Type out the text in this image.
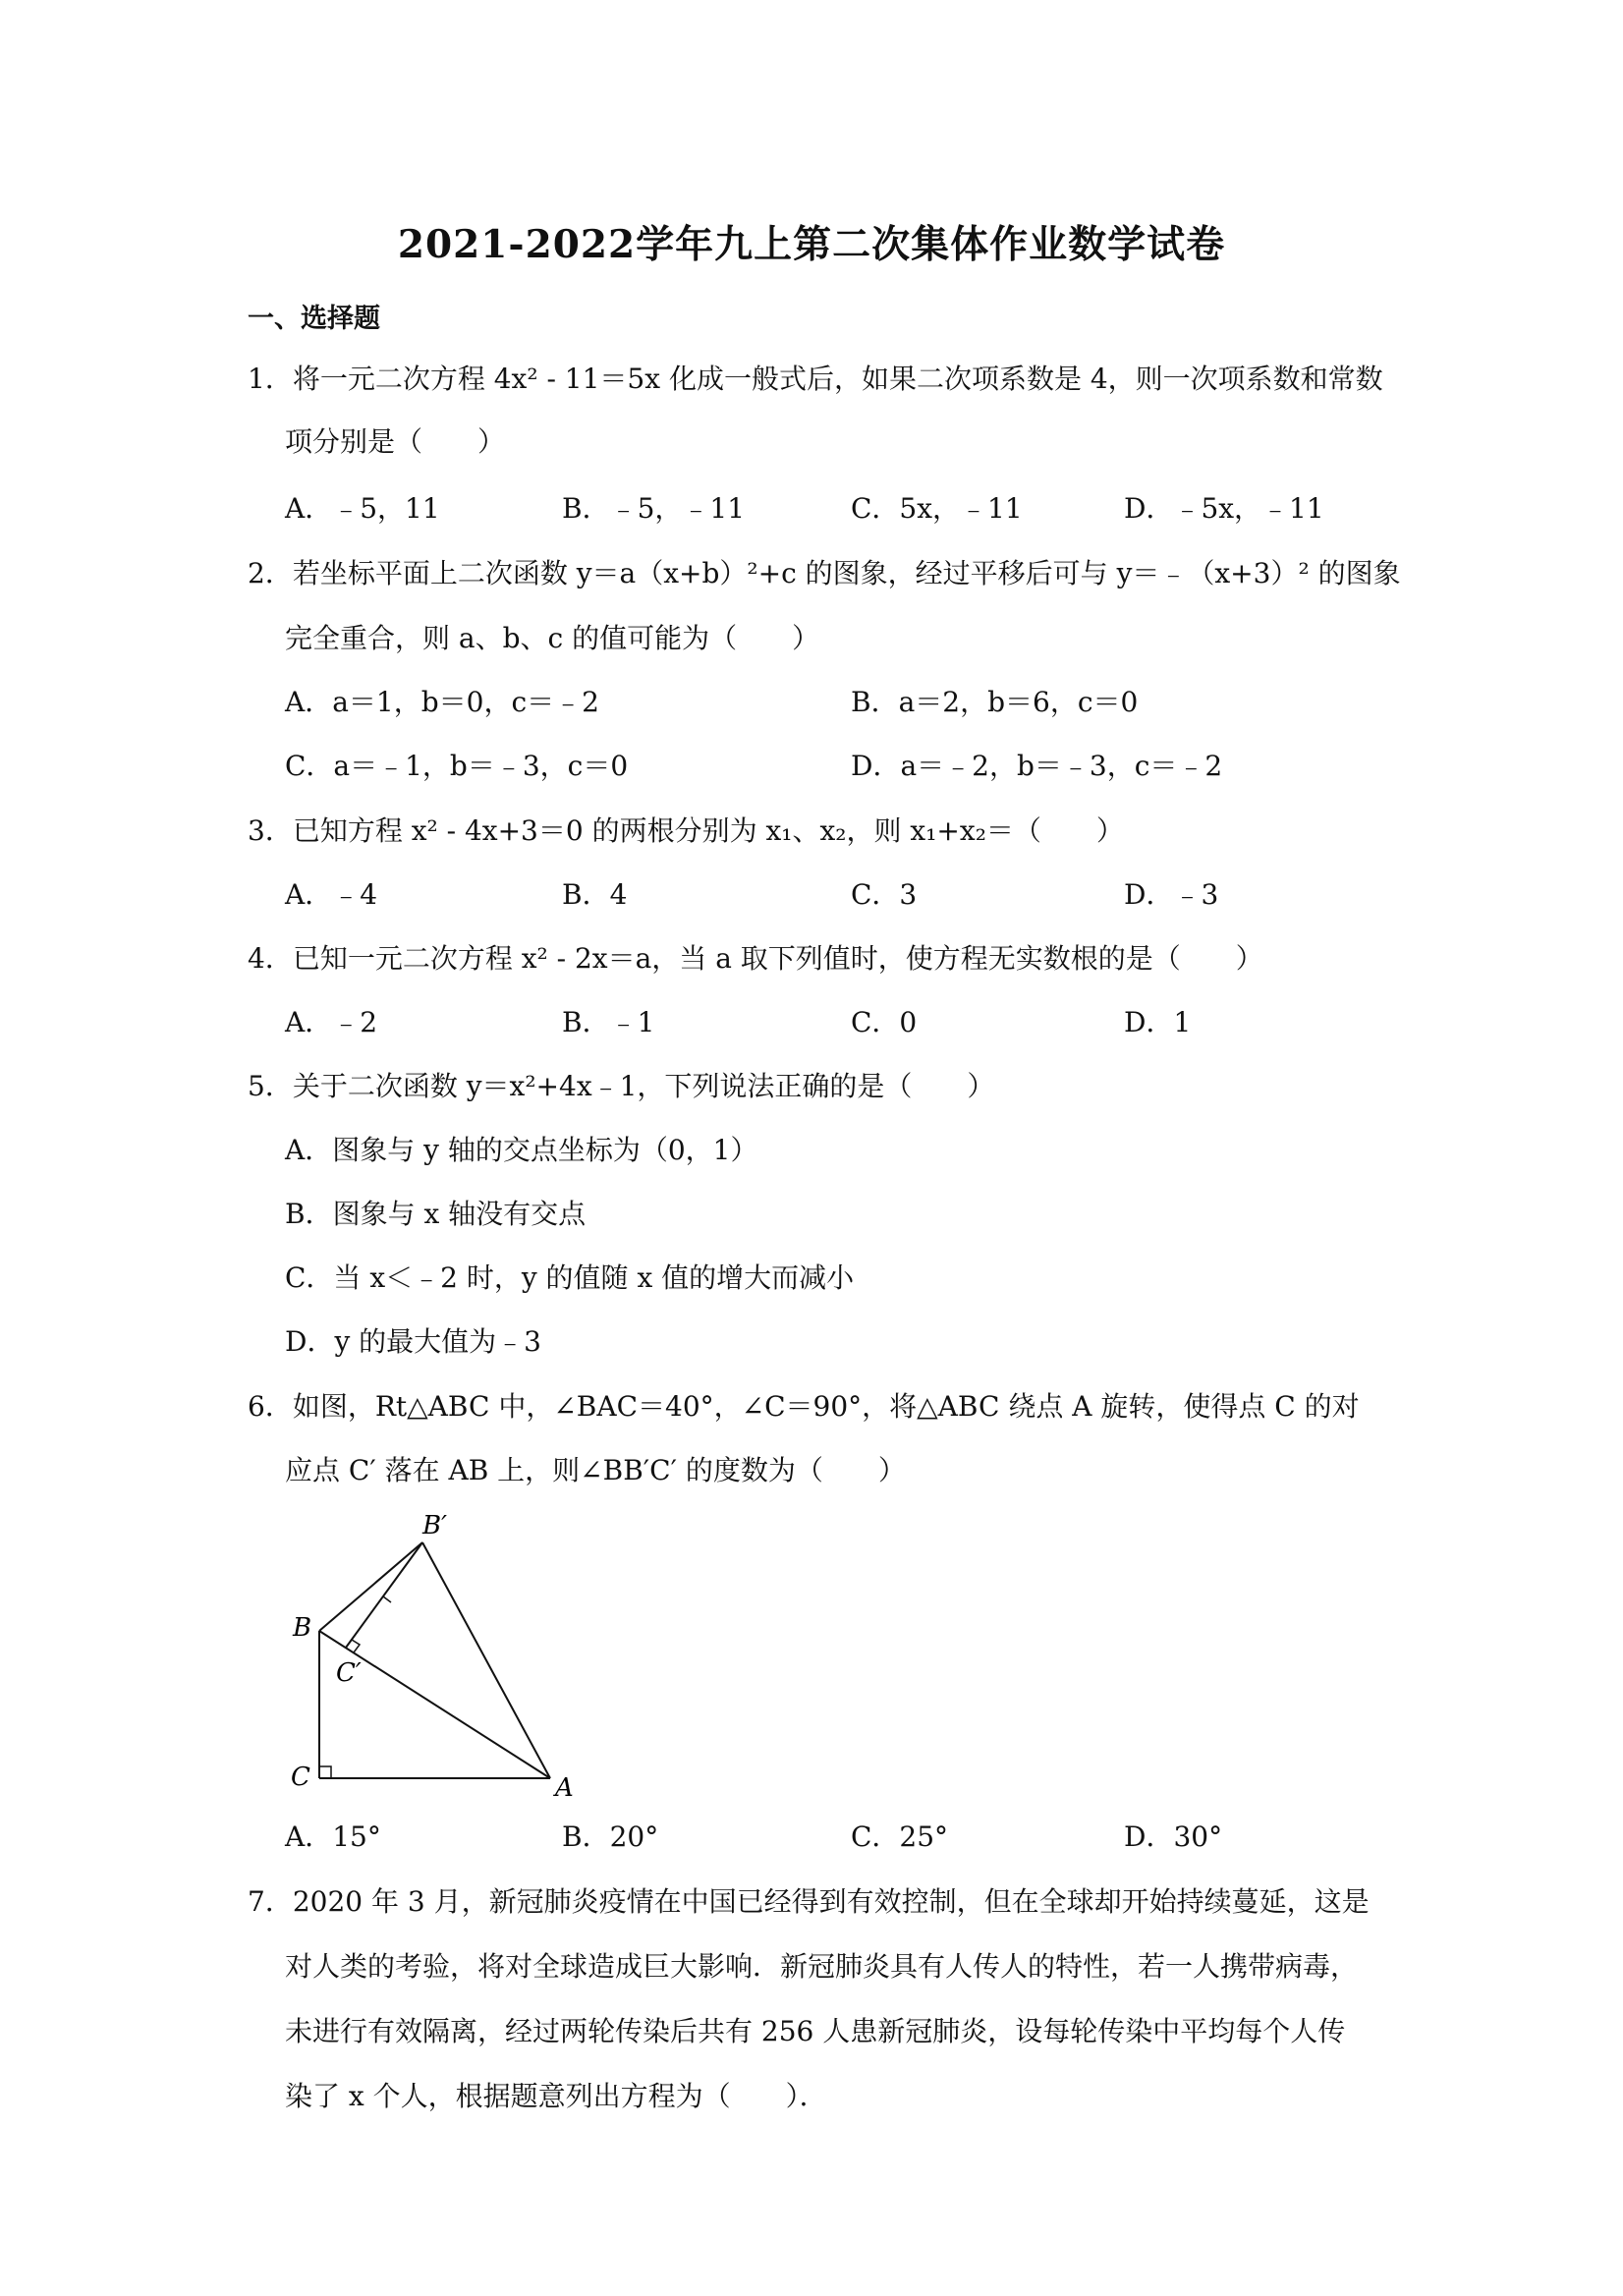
2021-2022学年九上第二次集体作业数学试卷
一、选择题
1．将一元二次方程 4x² - 11＝5x 化成一般式后，如果二次项系数是 4，则一次项系数和常数
项分别是（　　）
A．﹣5，11	B．﹣5，﹣11	C．5x，﹣11	D．﹣5x，﹣11
2．若坐标平面上二次函数 y＝a（x+b）²+c 的图象，经过平移后可与 y＝﹣（x+3）² 的图象
完全重合，则 a、b、c 的值可能为（　　）
A．a＝1，b＝0，c＝﹣2	B．a＝2，b＝6，c＝0
C．a＝﹣1，b＝﹣3，c＝0	D．a＝﹣2，b＝﹣3，c＝﹣2
3．已知方程 x² - 4x+3＝0 的两根分别为 x₁、x₂，则 x₁+x₂＝（　　）
A．﹣4	B．4	C．3	D．﹣3
4．已知一元二次方程 x² - 2x＝a，当 a 取下列值时，使方程无实数根的是（　　）
A．﹣2	B．﹣1	C．0	D．1
5．关于二次函数 y＝x²+4x﹣1，下列说法正确的是（　　）
A．图象与 y 轴的交点坐标为（0，1）
B．图象与 x 轴没有交点
C．当 x＜﹣2 时，y 的值随 x 值的增大而减小
D．y 的最大值为﹣3
6．如图，Rt△ABC 中，∠BAC＝40°，∠C＝90°，将△ABC 绕点 A 旋转，使得点 C 的对
应点 C′ 落在 AB 上，则∠BB′C′ 的度数为（　　）
B′
B
C′
C	A
A．15°	B．20°	C．25°	D．30°
7．2020 年 3 月，新冠肺炎疫情在中国已经得到有效控制，但在全球却开始持续蔓延，这是
对人类的考验，将对全球造成巨大影响．新冠肺炎具有人传人的特性，若一人携带病毒，
未进行有效隔离，经过两轮传染后共有 256 人患新冠肺炎，设每轮传染中平均每个人传
染了 x 个人，根据题意列出方程为（　　）．
